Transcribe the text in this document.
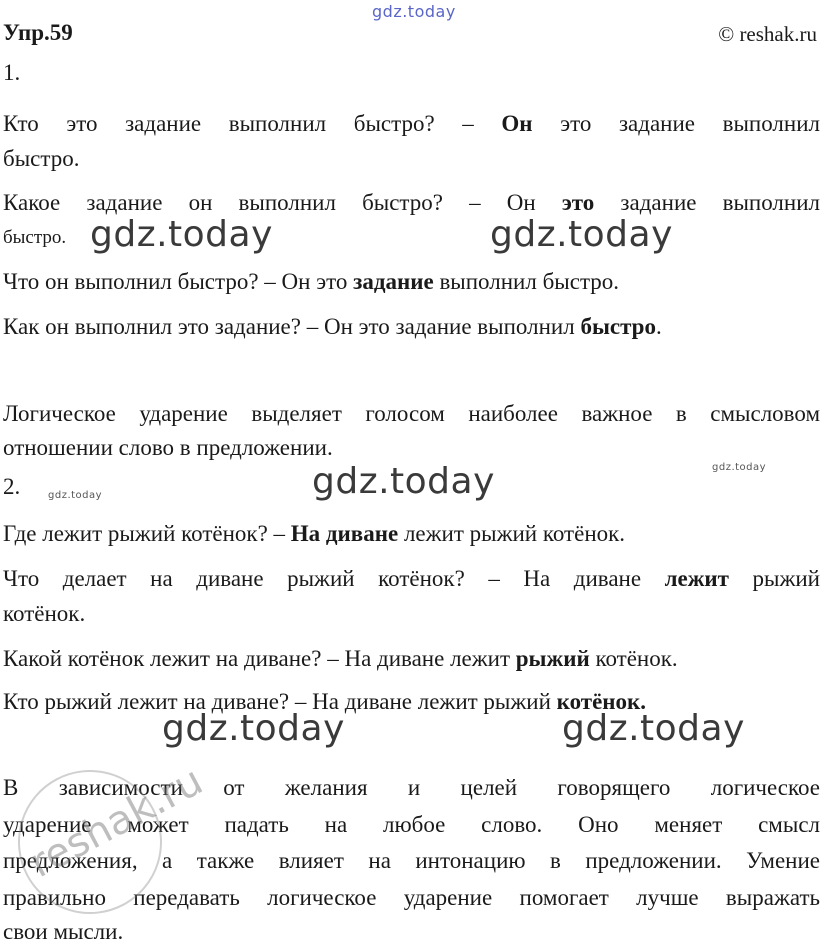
gdz.today
Упр.59	© reshak.ru
1.
Кто это задание выполнил быстро? – Он это задание выполнил
быстро.
Какое задание он выполнил быстро? – Он это задание выполнил
быстро.
Что он выполнил быстро? – Он это задание выполнил быстро.
Как он выполнил это задание? – Он это задание выполнил быстро.
Логическое ударение выделяет голосом наиболее важное в смысловом
отношении слово в предложении.
2.
Где лежит рыжий котёнок? – На диване лежит рыжий котёнок.
Что делает на диване рыжий котёнок? – На диване лежит рыжий
котёнок.
Какой котёнок лежит на диване? – На диване лежит рыжий котёнок.
Кто рыжий лежит на диване? – На диване лежит рыжий котёнок.
В зависимости от желания и целей говорящего логическое
ударение может падать на любое слово. Оно меняет смысл
предложения, а также влияет на интонацию в предложении. Умение
правильно передавать логическое ударение помогает лучше выражать
свои мысли.
gdz.today	gdz.today
gdz.today
gdz.today
gdz.today
gdz.today	gdz.today
reshak.ru
